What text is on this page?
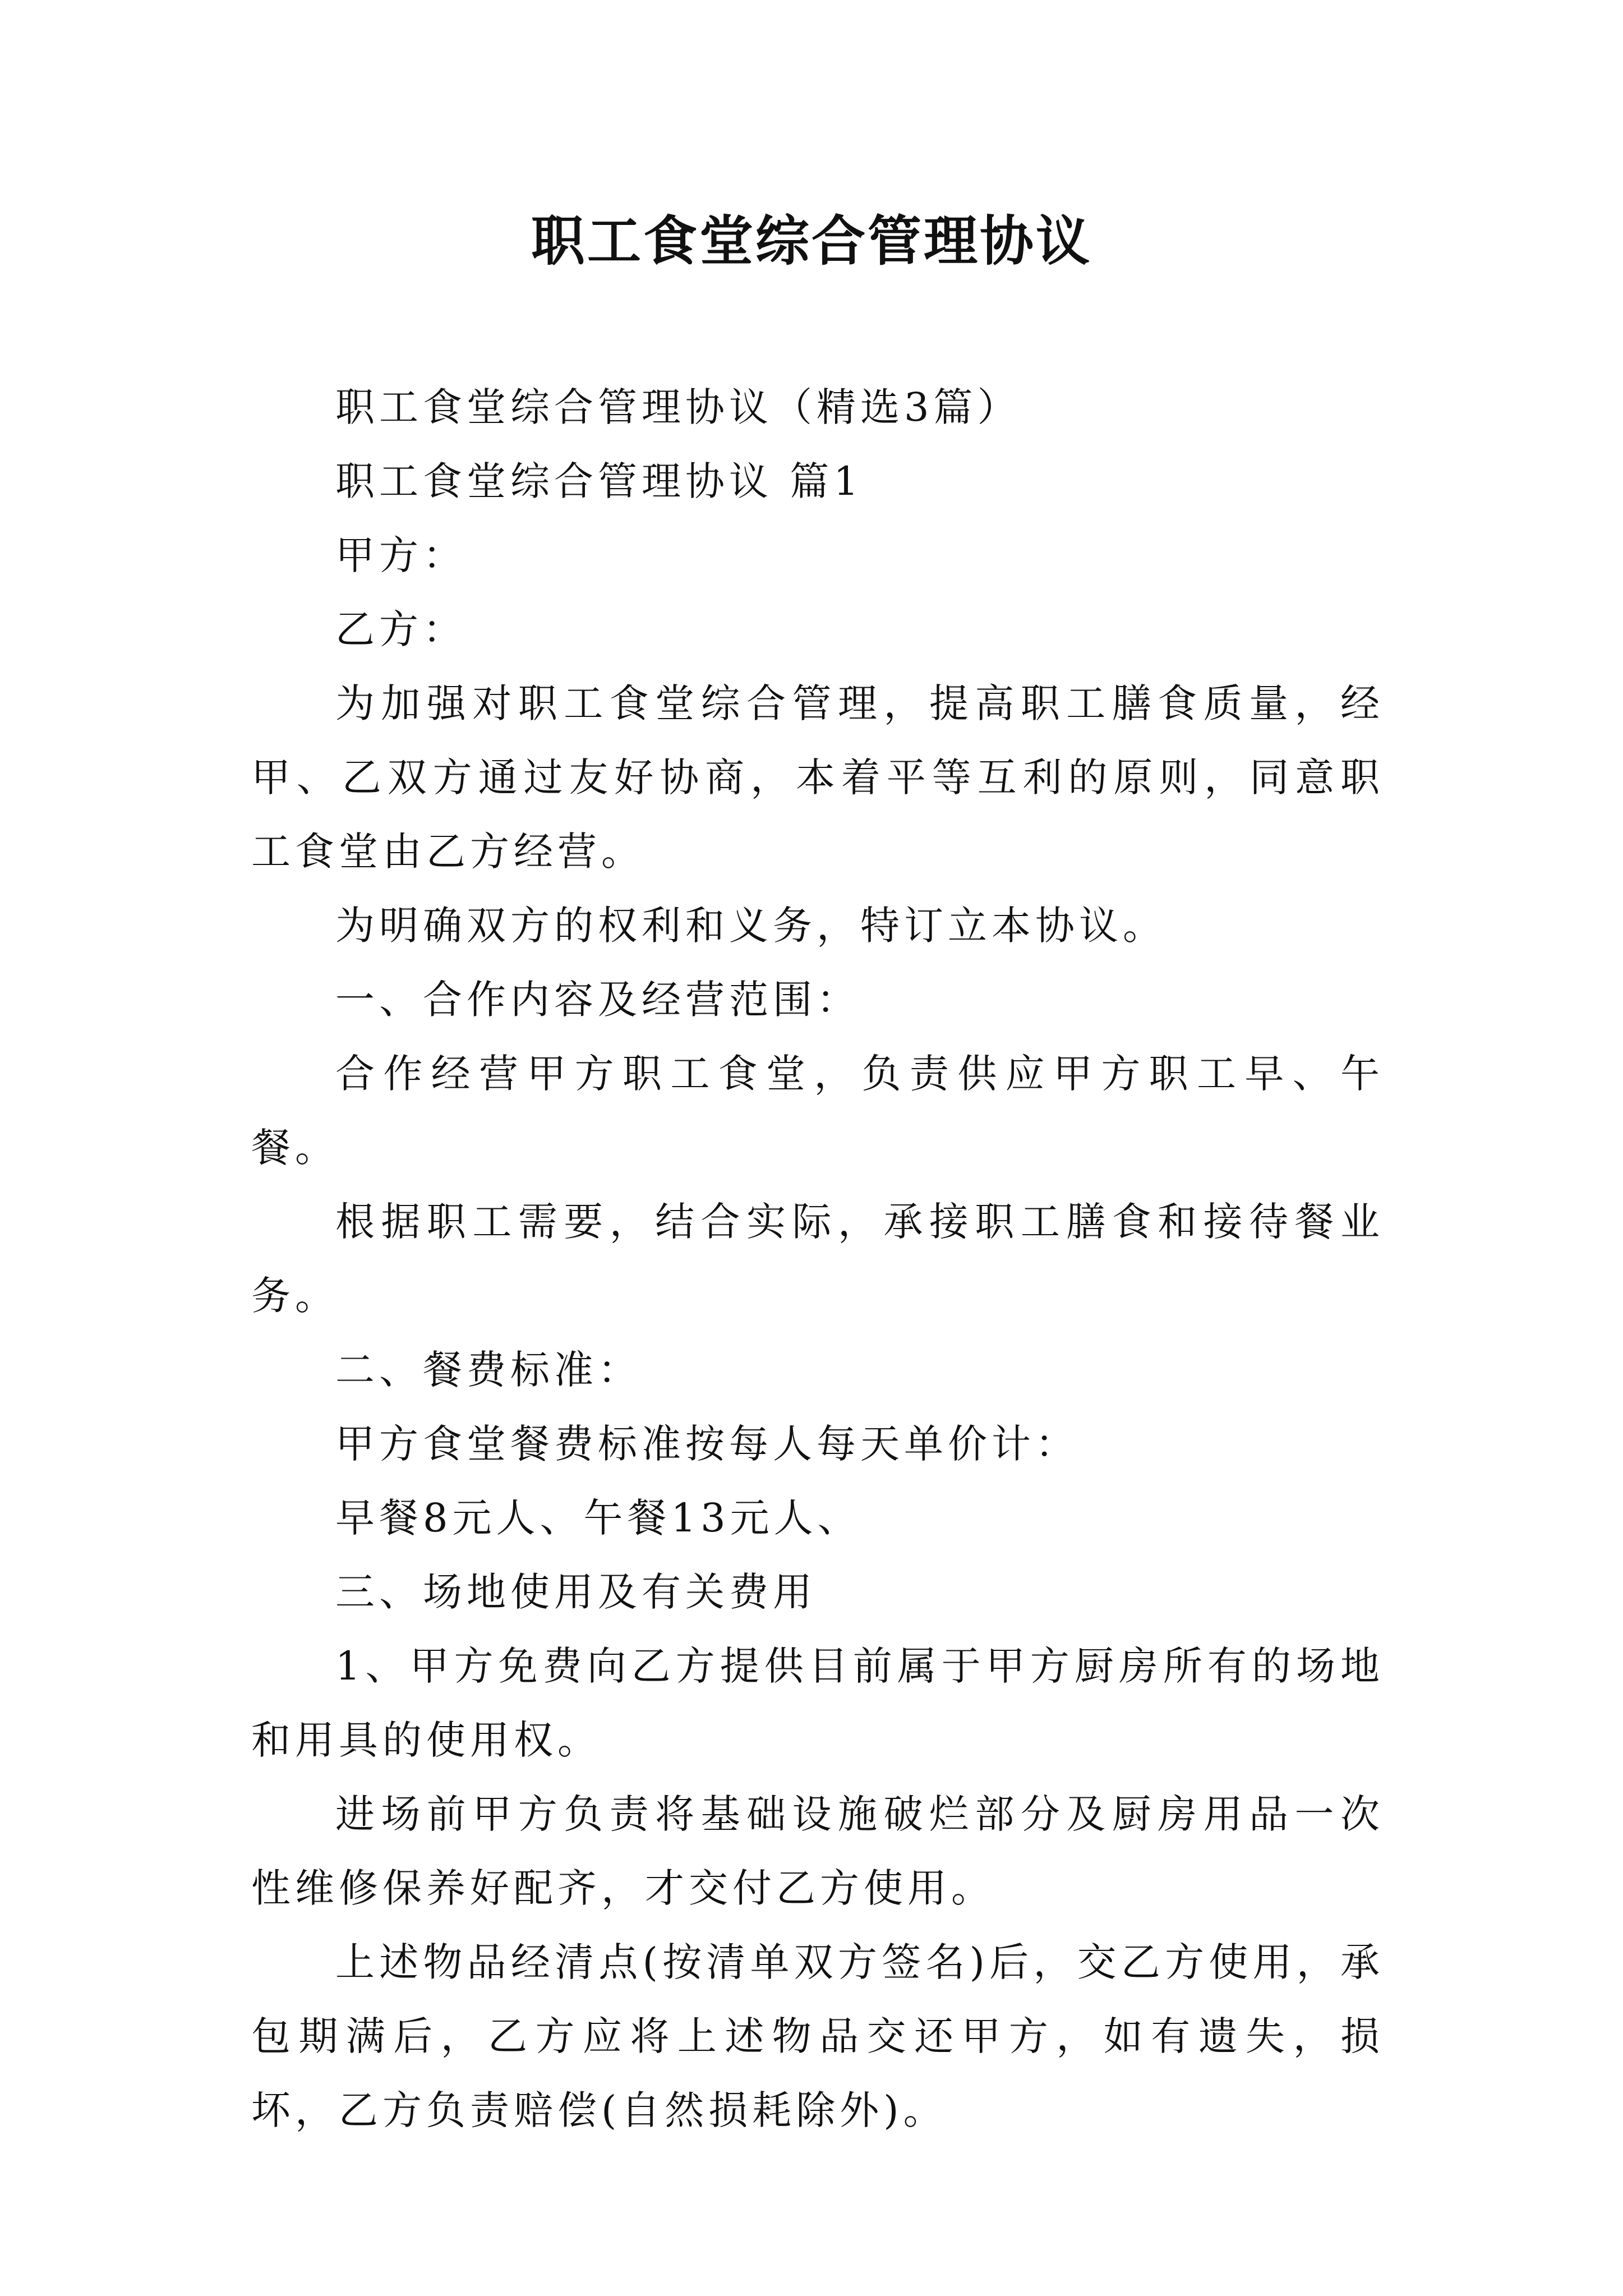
职工食堂综合管理协议

职工食堂综合管理协议（精选3篇）

职工食堂综合管理协议 篇1

甲方：

乙方：

为加强对职工食堂综合管理，提高职工膳食质量，经甲、乙双方通过友好协商，本着平等互利的原则，同意职工食堂由乙方经营。

为明确双方的权利和义务，特订立本协议。

一、合作内容及经营范围：

合作经营甲方职工食堂，负责供应甲方职工早、午餐。

根据职工需要，结合实际，承接职工膳食和接待餐业务。

二、餐费标准：

甲方食堂餐费标准按每人每天单价计：

早餐8元人、午餐13元人、

三、场地使用及有关费用

1、甲方免费向乙方提供目前属于甲方厨房所有的场地和用具的使用权。

进场前甲方负责将基础设施破烂部分及厨房用品一次性维修保养好配齐，才交付乙方使用。

上述物品经清点(按清单双方签名)后，交乙方使用，承包期满后，乙方应将上述物品交还甲方，如有遗失，损坏，乙方负责赔偿(自然损耗除外)。
